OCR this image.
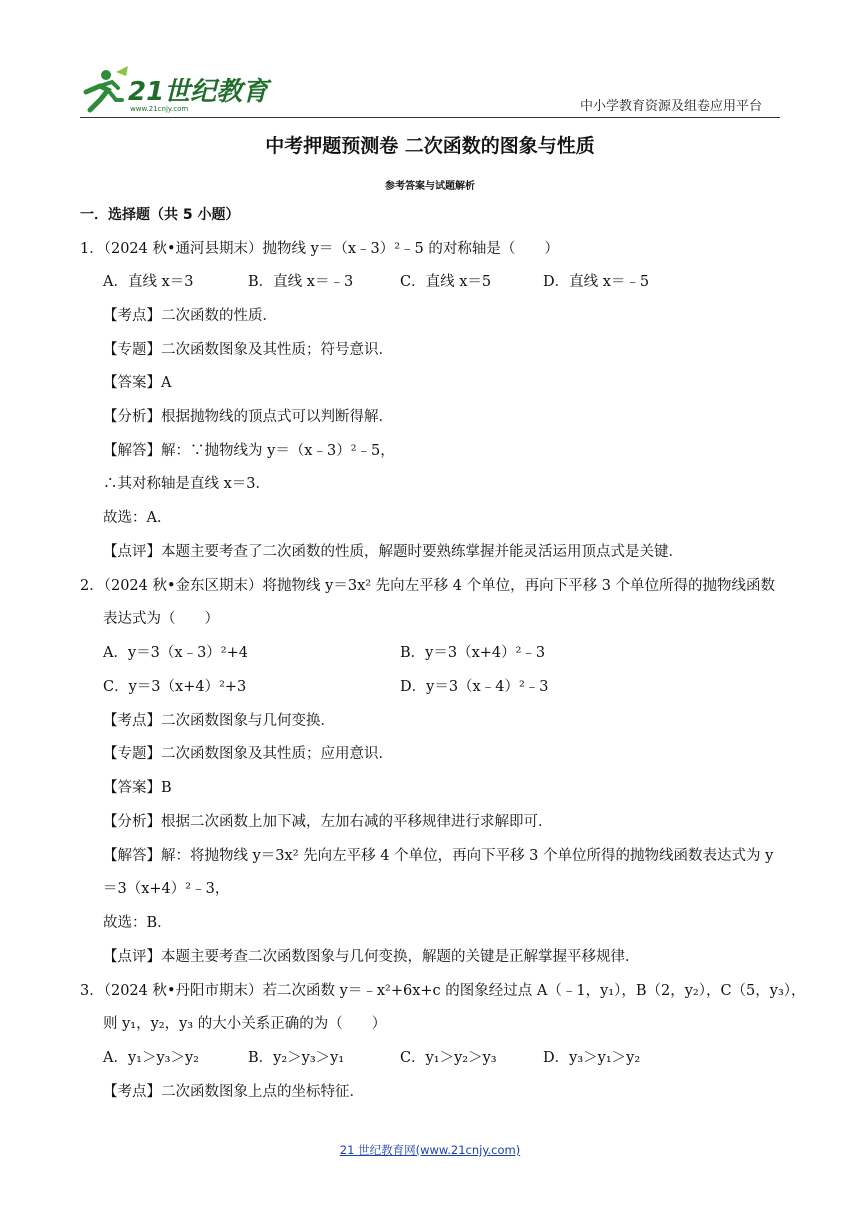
21世纪教育
www.21cnjy.com	中小学教育资源及组卷应用平台
中考押题预测卷 二次函数的图象与性质
参考答案与试题解析
一．选择题（共 5 小题）
1．（2024 秋•通河县期末）抛物线 y＝（x﹣3）²﹣5 的对称轴是（　　）
A．直线 x＝3	B．直线 x＝﹣3	C．直线 x＝5	D．直线 x＝﹣5
【考点】二次函数的性质．
【专题】二次函数图象及其性质；符号意识．
【答案】A
【分析】根据抛物线的顶点式可以判断得解．
【解答】解：∵抛物线为 y＝（x﹣3）²﹣5，
∴其对称轴是直线 x＝3．
故选：A．
【点评】本题主要考查了二次函数的性质，解题时要熟练掌握并能灵活运用顶点式是关键．
2．（2024 秋•金东区期末）将抛物线 y＝3x² 先向左平移 4 个单位，再向下平移 3 个单位所得的抛物线函数
表达式为（　　）
A．y＝3（x﹣3）²+4	B．y＝3（x+4）²﹣3
C．y＝3（x+4）²+3	D．y＝3（x﹣4）²﹣3
【考点】二次函数图象与几何变换．
【专题】二次函数图象及其性质；应用意识．
【答案】B
【分析】根据二次函数上加下减，左加右减的平移规律进行求解即可．
【解答】解：将抛物线 y＝3x² 先向左平移 4 个单位，再向下平移 3 个单位所得的抛物线函数表达式为 y
＝3（x+4）²﹣3，
故选：B．
【点评】本题主要考查二次函数图象与几何变换，解题的关键是正解掌握平移规律．
3．（2024 秋•丹阳市期末）若二次函数 y＝﹣x²+6x+c 的图象经过点 A（﹣1，y₁），B（2，y₂），C（5，y₃），
则 y₁，y₂，y₃ 的大小关系正确的为（　　）
A．y₁＞y₃＞y₂	B．y₂＞y₃＞y₁	C．y₁＞y₂＞y₃	D．y₃＞y₁＞y₂
【考点】二次函数图象上点的坐标特征．
21 世纪教育网(www.21cnjy.com)
